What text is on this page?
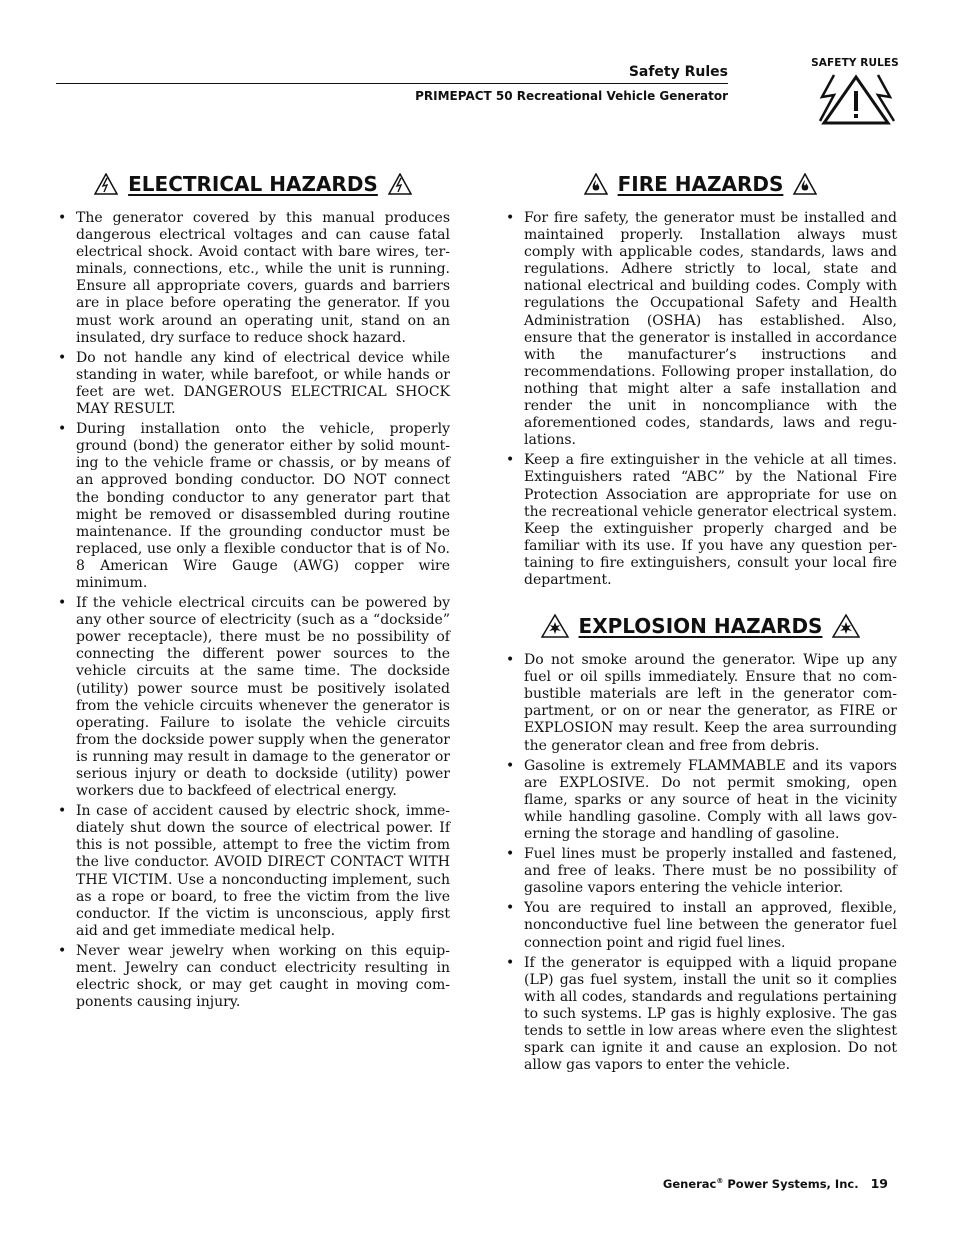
Safety Rules
PRIMEPACT 50 Recreational Vehicle Generator
SAFETY RULES
ELECTRICAL HAZARDS
• The generator covered by this manual produces dangerous electrical voltages and can cause fatal electrical shock. Avoid contact with bare wires, terminals, connections, etc., while the unit is running. Ensure all appropriate covers, guards and barriers are in place before operating the generator. If you must work around an operating unit, stand on an insulated, dry surface to reduce shock hazard.
• Do not handle any kind of electrical device while standing in water, while barefoot, or while hands or feet are wet. DANGEROUS ELECTRICAL SHOCK MAY RESULT.
• During installation onto the vehicle, properly ground (bond) the generator either by solid mounting to the vehicle frame or chassis, or by means of an approved bonding conductor. DO NOT connect the bonding conductor to any generator part that might be removed or disassembled during routine maintenance. If the grounding conductor must be replaced, use only a flexible conductor that is of No. 8 American Wire Gauge (AWG) copper wire minimum.
• If the vehicle electrical circuits can be powered by any other source of electricity (such as a “dockside” power receptacle), there must be no possibility of connecting the different power sources to the vehicle circuits at the same time. The dockside (utility) power source must be positively isolated from the vehicle circuits whenever the generator is operating. Failure to isolate the vehicle circuits from the dockside power supply when the generator is running may result in damage to the generator or serious injury or death to dockside (utility) power workers due to backfeed of electrical energy.
• In case of accident caused by electric shock, immediately shut down the source of electrical power. If this is not possible, attempt to free the victim from the live conductor. AVOID DIRECT CONTACT WITH THE VICTIM. Use a nonconducting implement, such as a rope or board, to free the victim from the live conductor. If the victim is unconscious, apply first aid and get immediate medical help.
• Never wear jewelry when working on this equipment. Jewelry can conduct electricity resulting in electric shock, or may get caught in moving components causing injury.
FIRE HAZARDS
• For fire safety, the generator must be installed and maintained properly. Installation always must comply with applicable codes, standards, laws and regulations. Adhere strictly to local, state and national electrical and building codes. Comply with regulations the Occupational Safety and Health Administration (OSHA) has established. Also, ensure that the generator is installed in accordance with the manufacturer’s instructions and recommendations. Following proper installation, do nothing that might alter a safe installation and render the unit in noncompliance with the aforementioned codes, standards, laws and regulations.
• Keep a fire extinguisher in the vehicle at all times. Extinguishers rated “ABC” by the National Fire Protection Association are appropriate for use on the recreational vehicle generator electrical system. Keep the extinguisher properly charged and be familiar with its use. If you have any question pertaining to fire extinguishers, consult your local fire department.
EXPLOSION HAZARDS
• Do not smoke around the generator. Wipe up any fuel or oil spills immediately. Ensure that no combustible materials are left in the generator compartment, or on or near the generator, as FIRE or EXPLOSION may result. Keep the area surrounding the generator clean and free from debris.
• Gasoline is extremely FLAMMABLE and its vapors are EXPLOSIVE. Do not permit smoking, open flame, sparks or any source of heat in the vicinity while handling gasoline. Comply with all laws governing the storage and handling of gasoline.
• Fuel lines must be properly installed and fastened, and free of leaks. There must be no possibility of gasoline vapors entering the vehicle interior.
• You are required to install an approved, flexible, nonconductive fuel line between the generator fuel connection point and rigid fuel lines.
• If the generator is equipped with a liquid propane (LP) gas fuel system, install the unit so it complies with all codes, standards and regulations pertaining to such systems. LP gas is highly explosive. The gas tends to settle in low areas where even the slightest spark can ignite it and cause an explosion. Do not allow gas vapors to enter the vehicle.
Generac® Power Systems, Inc. 19
